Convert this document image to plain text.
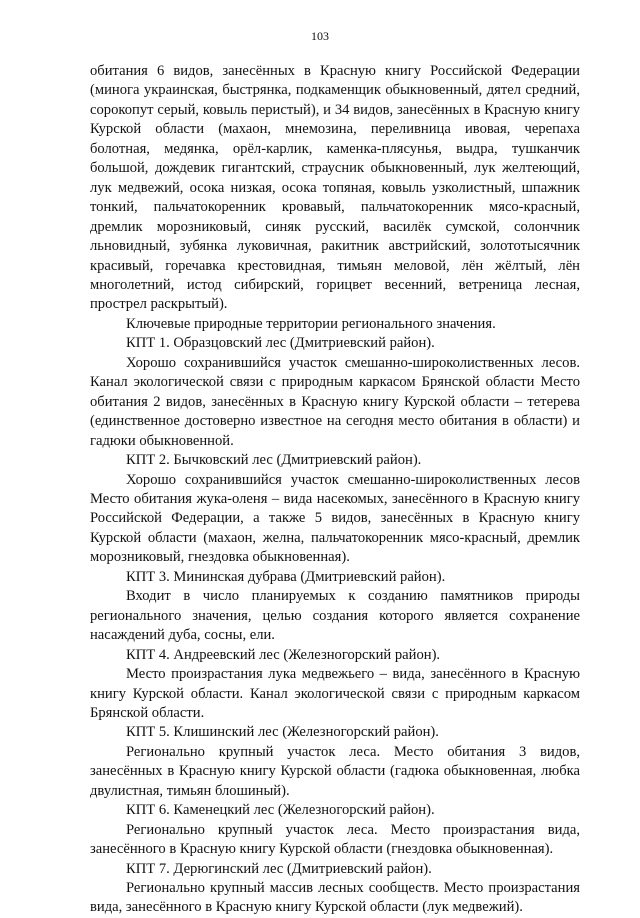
103

обитания 6 видов, занесённых в Красную книгу Российской Федерации (минога украинская, быстрянка, подкаменщик обыкновенный, дятел средний, сорокопут серый, ковыль перистый), и 34 видов, занесённых в Красную книгу Курской области (махаон, мнемозина, переливница ивовая, черепаха болотная, медянка, орёл-карлик, каменка-плясунья, выдра, тушканчик большой, дождевик гигантский, страусник обыкновенный, лук желтеющий, лук медвежий, осока низкая, осока топяная, ковыль узколистный, шпажник тонкий, пальчатокоренник кровавый, пальчатокоренник мясо-красный, дремлик морозниковый, синяк русский, василёк сумской, солончник льновидный, зубянка луковичная, ракитник австрийский, золототысячник красивый, горечавка крестовидная, тимьян меловой, лён жёлтый, лён многолетний, истод сибирский, горицвет весенний, ветреница лесная, прострел раскрытый).

Ключевые природные территории регионального значения.

КПТ 1. Образцовский лес (Дмитриевский район).

Хорошо сохранившийся участок смешанно-широколиственных лесов. Канал экологической связи с природным каркасом Брянской области Место обитания 2 видов, занесённых в Красную книгу Курской области – тетерева (единственное достоверно известное на сегодня место обитания в области) и гадюки обыкновенной.

КПТ 2. Бычковский лес (Дмитриевский район).

Хорошо сохранившийся участок смешанно-широколиственных лесов Место обитания жука-оленя – вида насекомых, занесённого в Красную книгу Российской Федерации, а также 5 видов, занесённых в Красную книгу Курской области (махаон, желна, пальчатокоренник мясо-красный, дремлик морозниковый, гнездовка обыкновенная).

КПТ 3. Мининская дубрава (Дмитриевский район).

Входит в число планируемых к созданию памятников природы регионального значения, целью создания которого является сохранение насаждений дуба, сосны, ели.

КПТ 4. Андреевский лес (Железногорский район).

Место произрастания лука медвежьего – вида, занесённого в Красную книгу Курской области. Канал экологической связи с природным каркасом Брянской области.

КПТ 5. Клишинский лес (Железногорский район).

Регионально крупный участок леса. Место обитания 3 видов, занесённых в Красную книгу Курской области (гадюка обыкновенная, любка двулистная, тимьян блошиный).

КПТ 6. Каменецкий лес (Железногорский район).

Регионально крупный участок леса. Место произрастания вида, занесённого в Красную книгу Курской области (гнездовка обыкновенная).

КПТ 7. Дерюгинский лес (Дмитриевский район).

Регионально крупный массив лесных сообществ. Место произрастания вида, занесённого в Красную книгу Курской области (лук медвежий).
